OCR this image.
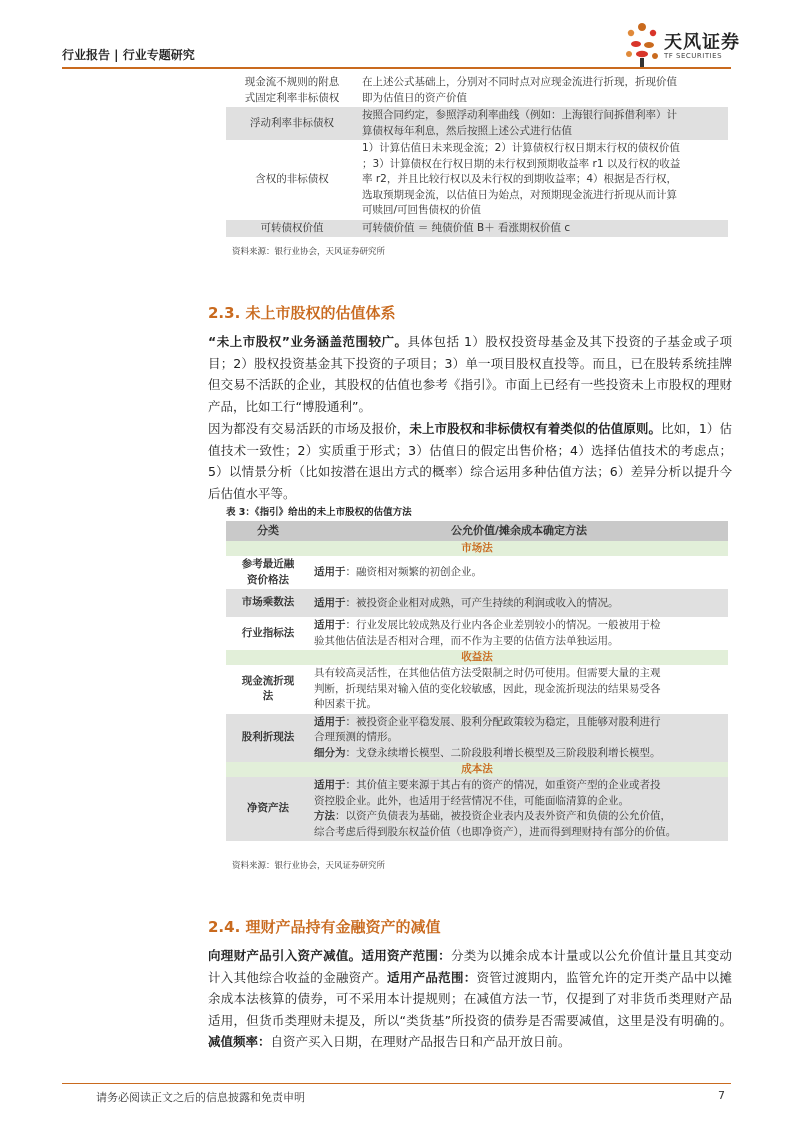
行业报告 | 行业专题研究
天风证券
TF SECURITIES
现金流不规则的附息
式固定利率非标债权	在上述公式基础上，分别对不同时点对应现金流进行折现，折现价值
即为估值日的资产价值
浮动利率非标债权	按照合同约定，参照浮动利率曲线（例如：上海银行间拆借利率）计
算债权每年利息，然后按照上述公式进行估值
含权的非标债权	1）计算估值日未来现金流；2）计算债权行权日期末行权的债权价值
；3）计算债权在行权日期的未行权到预期收益率 r1 以及行权的收益
率 r2，并且比较行权以及未行权的到期收益率；4）根据是否行权，
选取预期现金流，以估值日为始点，对预期现金流进行折现从而计算
可赎回/可回售债权的价值
可转债权价值	可转债价值 ＝ 纯债价值 B＋ 看涨期权价值 c
资料来源：银行业协会，天风证券研究所
2.3. 未上市股权的估值体系
“未上市股权”业务涵盖范围较广。具体包括 1）股权投资母基金及其下投资的子基金或子项目；2）股权投资基金其下投资的子项目；3）单一项目股权直投等。而且，已在股转系统挂牌但交易不活跃的企业，其股权的估值也参考《指引》。市面上已经有一些投资未上市股权的理财产品，比如工行“博股通利”。
因为都没有交易活跃的市场及报价，未上市股权和非标债权有着类似的估值原则。比如，1）估值技术一致性；2）实质重于形式；3）估值日的假定出售价格；4）选择估值技术的考虑点；5）以情景分析（比如按潜在退出方式的概率）综合运用多种估值方法；6）差异分析以提升今后估值水平等。
表 3：《指引》给出的未上市股权的估值方法
分类	公允价值/摊余成本确定方法
市场法	
参考最近融
资价格法	适用于：融资相对频繁的初创企业。
市场乘数法	适用于：被投资企业相对成熟，可产生持续的利润或收入的情况。
行业指标法	适用于：行业发展比较成熟及行业内各企业差别较小的情况。一般被用于检
验其他估值法是否相对合理，而不作为主要的估值方法单独运用。
收益法	
现金流折现
法	具有较高灵活性，在其他估值方法受限制之时仍可使用。但需要大量的主观
判断，折现结果对输入值的变化较敏感，因此，现金流折现法的结果易受各
种因素干扰。
股利折现法	适用于：被投资企业平稳发展、股利分配政策较为稳定，且能够对股利进行
合理预测的情形。
细分为：戈登永续增长模型、二阶段股利增长模型及三阶段股利增长模型。
成本法	
净资产法	适用于：其价值主要来源于其占有的资产的情况，如重资产型的企业或者投
资控股企业。此外，也适用于经营情况不佳，可能面临清算的企业。
方法：以资产负债表为基础，被投资企业表内及表外资产和负债的公允价值，
综合考虑后得到股东权益价值（也即净资产），进而得到理财持有部分的价值。
资料来源：银行业协会，天风证券研究所
2.4. 理财产品持有金融资产的减值
向理财产品引入资产减值。适用资产范围：分类为以摊余成本计量或以公允价值计量且其变动计入其他综合收益的金融资产。适用产品范围：资管过渡期内，监管允许的定开类产品中以摊余成本法核算的债券，可不采用本计提规则；在减值方法一节，仅提到了对非货币类理财产品适用，但货币类理财未提及，所以“类货基”所投资的债券是否需要减值，这里是没有明确的。减值频率：自资产买入日期，在理财产品报告日和产品开放日前。
请务必阅读正文之后的信息披露和免责申明	7
